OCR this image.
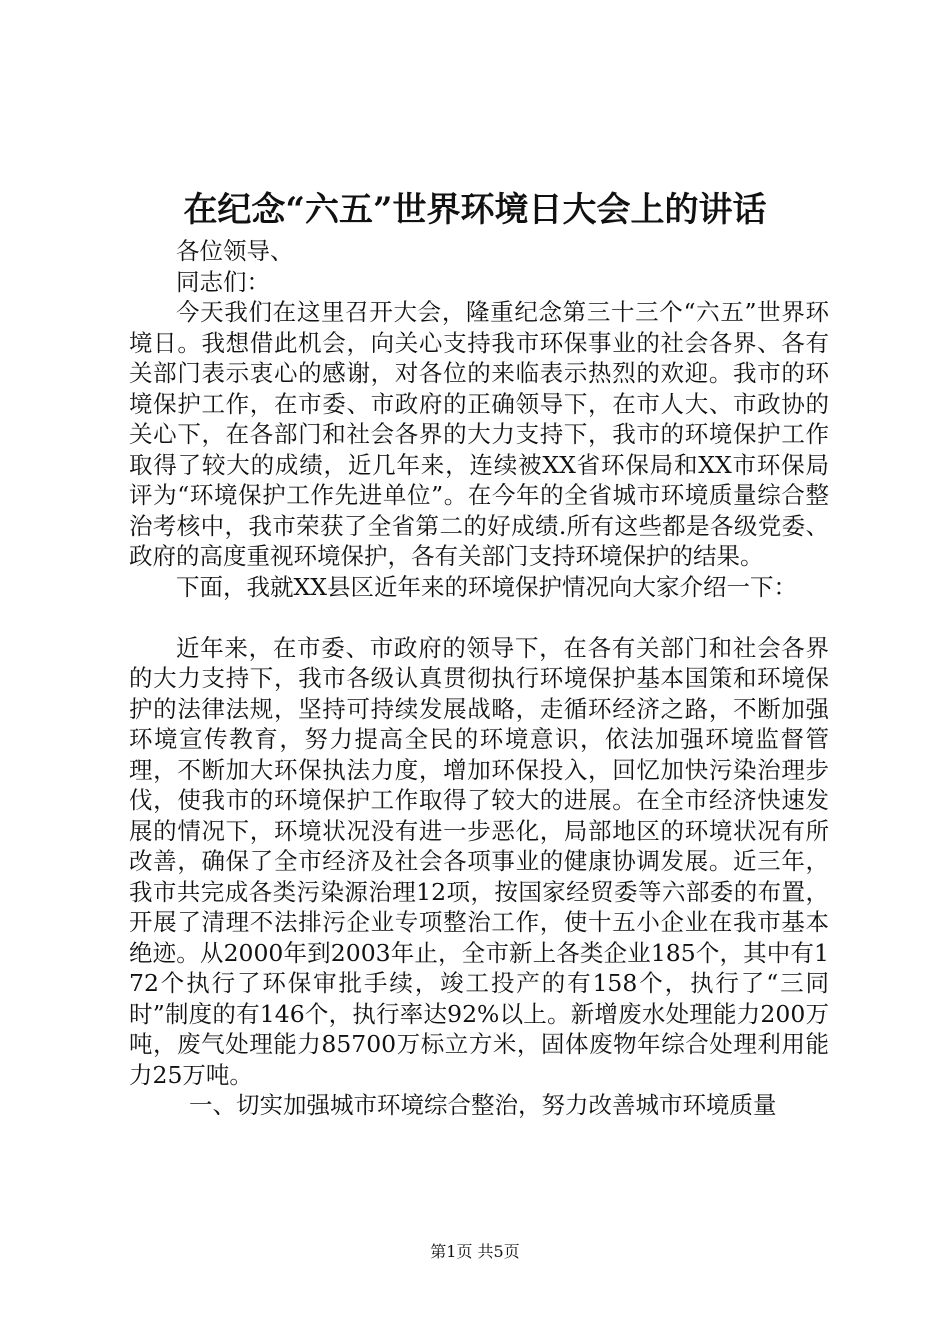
在纪念“六五”世界环境日大会上的讲话

各位领导、

同志们：

今天我们在这里召开大会，隆重纪念第三十三个“六五”世界环境日。我想借此机会，向关心支持我市环保事业的社会各界、各有关部门表示衷心的感谢，对各位的来临表示热烈的欢迎。我市的环境保护工作，在市委、市政府的正确领导下，在市人大、市政协的关心下，在各部门和社会各界的大力支持下，我市的环境保护工作取得了较大的成绩，近几年来，连续被XX省环保局和XX市环保局评为“环境保护工作先进单位”。在今年的全省城市环境质量综合整治考核中，我市荣获了全省第二的好成绩.所有这些都是各级党委、政府的高度重视环境保护，各有关部门支持环境保护的结果。

下面，我就XX县区近年来的环境保护情况向大家介绍一下：

近年来，在市委、市政府的领导下，在各有关部门和社会各界的大力支持下，我市各级认真贯彻执行环境保护基本国策和环境保护的法律法规，坚持可持续发展战略，走循环经济之路，不断加强环境宣传教育，努力提高全民的环境意识，依法加强环境监督管理，不断加大环保执法力度，增加环保投入，回忆加快污染治理步伐，使我市的环境保护工作取得了较大的进展。在全市经济快速发展的情况下，环境状况没有进一步恶化，局部地区的环境状况有所改善，确保了全市经济及社会各项事业的健康协调发展。近三年，我市共完成各类污染源治理12项，按国家经贸委等六部委的布置，开展了清理不法排污企业专项整治工作，使十五小企业在我市基本绝迹。从2000年到2003年止，全市新上各类企业185个，其中有172个执行了环保审批手续，竣工投产的有158个，执行了“三同时”制度的有146个，执行率达92%以上。新增废水处理能力200万吨，废气处理能力85700万标立方米，固体废物年综合处理利用能力25万吨。

一、切实加强城市环境综合整治，努力改善城市环境质量

第1页 共5页
